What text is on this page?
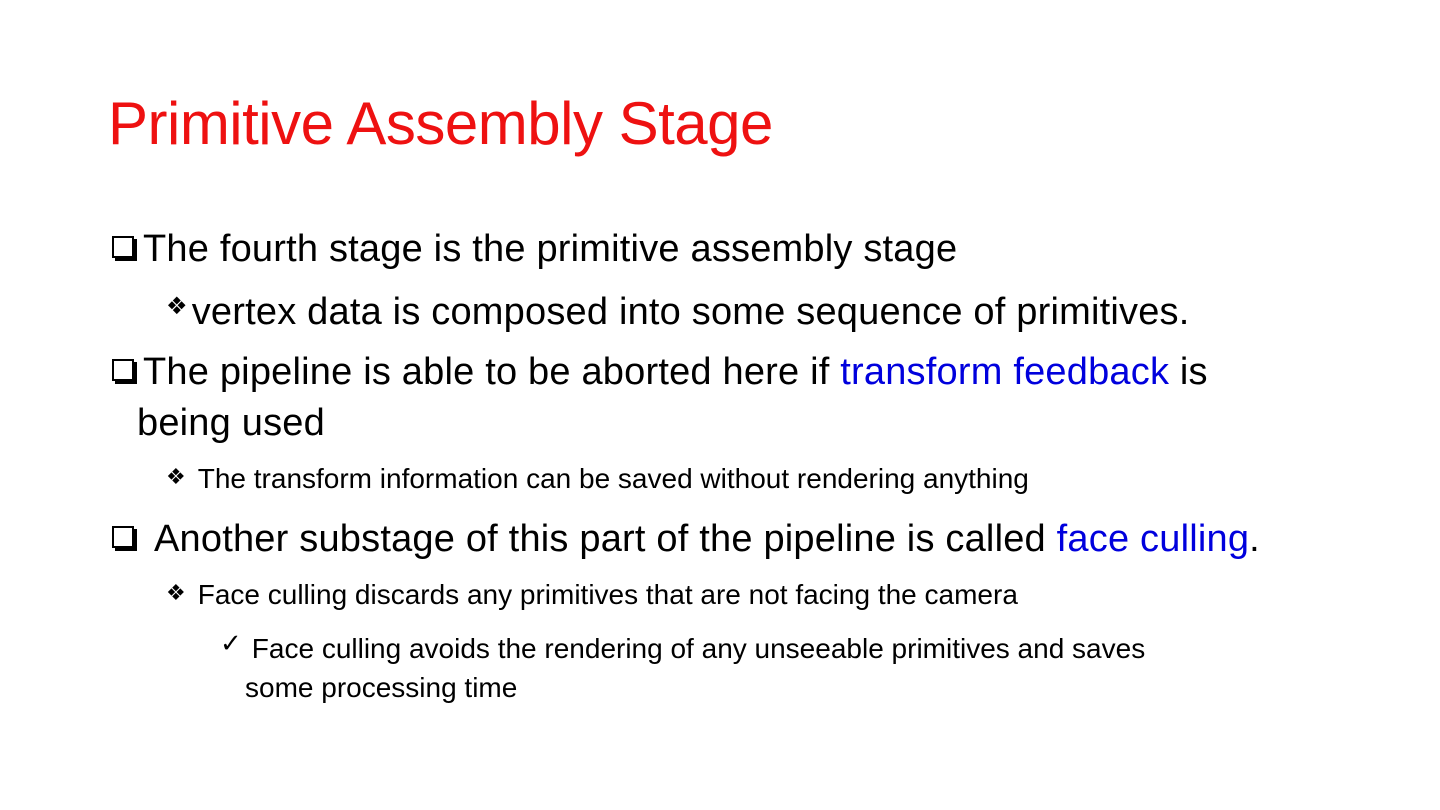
Primitive Assembly Stage
The fourth stage is the primitive assembly stage
❖ vertex data is composed into some sequence of primitives.
The pipeline is able to be aborted here if transform feedback is
being used
❖ The transform information can be saved without rendering anything
Another substage of this part of the pipeline is called face culling.
❖ Face culling discards any primitives that are not facing the camera
✓ Face culling avoids the rendering of any unseeable primitives and saves
some processing time
